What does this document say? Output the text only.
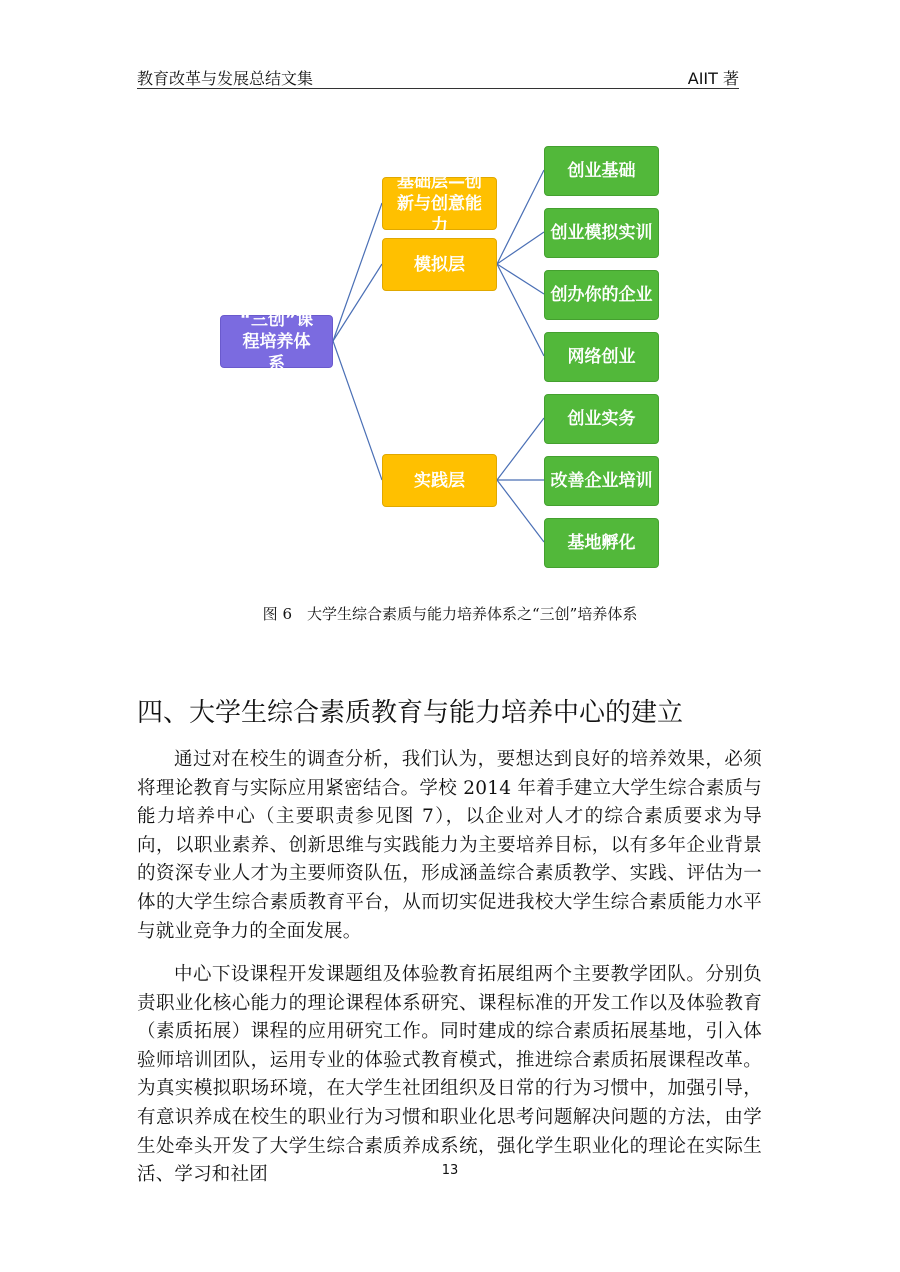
教育改革与发展总结文集	AIIT 著
“三创”课程培养体系
基础层—创新与创意能力
模拟层
实践层
创业基础
创业模拟实训
创办你的企业
网络创业
创业实务
改善企业培训
基地孵化
图 6　大学生综合素质与能力培养体系之“三创”培养体系
四、大学生综合素质教育与能力培养中心的建立

通过对在校生的调查分析，我们认为，要想达到良好的培养效果，必须将理论教育与实际应用紧密结合。学校 2014 年着手建立大学生综合素质与能力培养中心（主要职责参见图 7），以企业对人才的综合素质要求为导向，以职业素养、创新思维与实践能力为主要培养目标，以有多年企业背景的资深专业人才为主要师资队伍，形成涵盖综合素质教学、实践、评估为一体的大学生综合素质教育平台，从而切实促进我校大学生综合素质能力水平与就业竞争力的全面发展。

中心下设课程开发课题组及体验教育拓展组两个主要教学团队。分别负责职业化核心能力的理论课程体系研究、课程标准的开发工作以及体验教育（素质拓展）课程的应用研究工作。同时建成的综合素质拓展基地，引入体验师培训团队，运用专业的体验式教育模式，推进综合素质拓展课程改革。为真实模拟职场环境，在大学生社团组织及日常的行为习惯中，加强引导，有意识养成在校生的职业行为习惯和职业化思考问题解决问题的方法，由学生处牵头开发了大学生综合素质养成系统，强化学生职业化的理论在实际生活、学习和社团	13
